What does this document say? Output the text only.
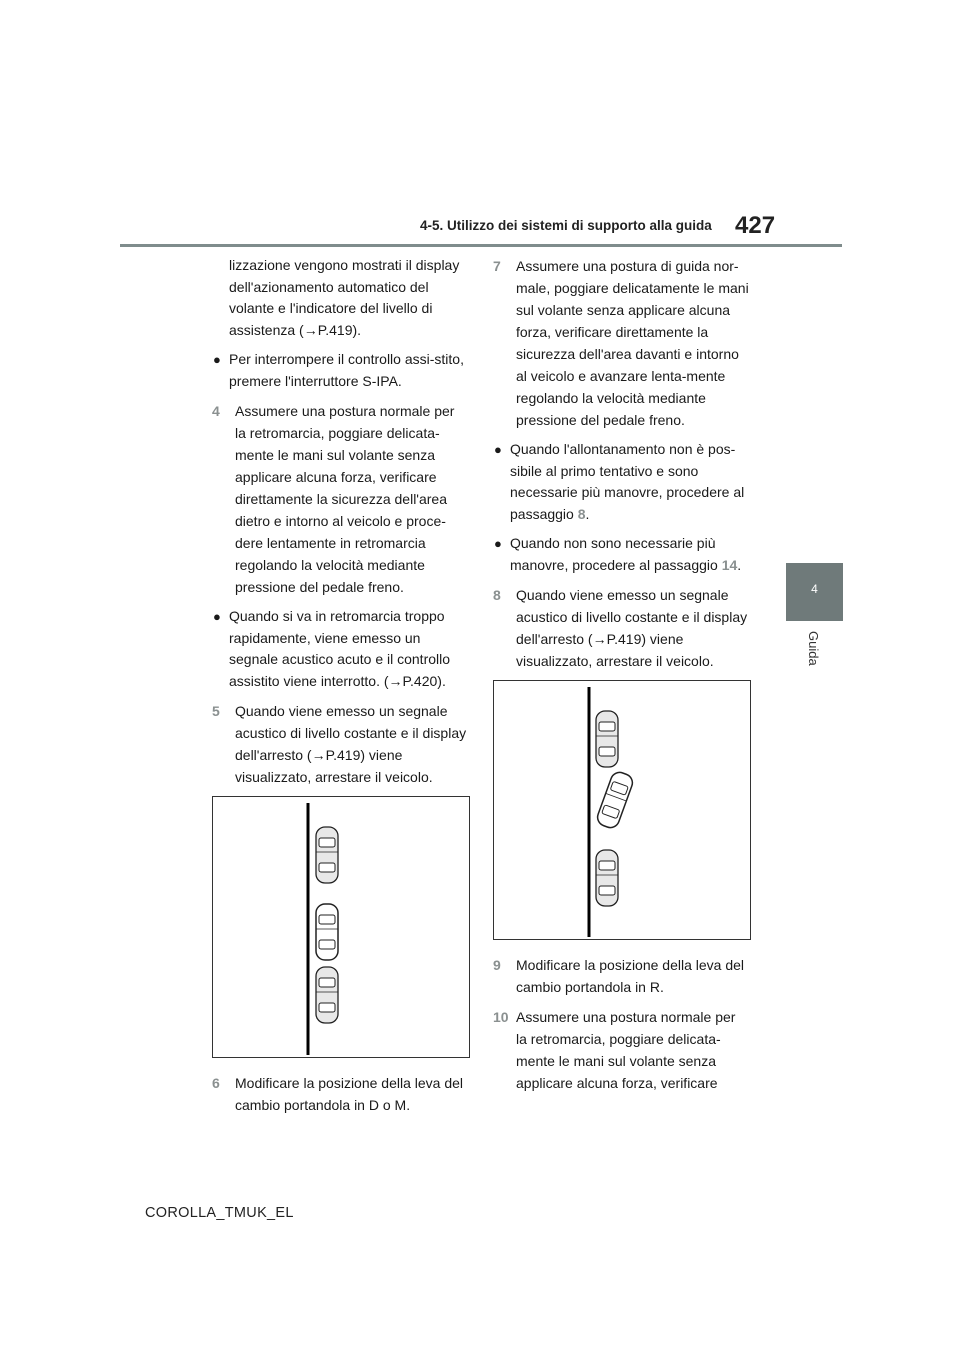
4-5. Utilizzo dei sistemi di supporto alla guida 427
4
Guida

lizzazione vengono mostrati il display dell'azionamento automatico del volante e l'indicatore del livello di assistenza (→P.419).

● Per interrompere il controllo assi-stito, premere l'interruttore S-IPA.
4 Assumere una postura normale per la retromarcia, poggiare delicata-mente le mani sul volante senza applicare alcuna forza, verificare direttamente la sicurezza dell'area dietro e intorno al veicolo e proce-dere lentamente in retromarcia regolando la velocità mediante pressione del pedale freno.
● Quando si va in retromarcia troppo rapidamente, viene emesso un segnale acustico acuto e il controllo assistito viene interrotto. (→P.420).
5 Quando viene emesso un segnale acustico di livello costante e il display dell'arresto (→P.419) viene visualizzato, arrestare il veicolo.
6 Modificare la posizione della leva del cambio portandola in D o M.
7 Assumere una postura di guida nor-male, poggiare delicatamente le mani sul volante senza applicare alcuna forza, verificare direttamente la sicurezza dell'area davanti e intorno al veicolo e avanzare lenta-mente regolando la velocità mediante pressione del pedale freno.
● Quando l'allontanamento non è pos-sibile al primo tentativo e sono necessarie più manovre, procedere al passaggio 8.
● Quando non sono necessarie più manovre, procedere al passaggio 14.
8 Quando viene emesso un segnale acustico di livello costante e il display dell'arresto (→P.419) viene visualizzato, arrestare il veicolo.
9 Modificare la posizione della leva del cambio portandola in R.
10 Assumere una postura normale per la retromarcia, poggiare delicata-mente le mani sul volante senza applicare alcuna forza, verificare
COROLLA_TMUK_EL
